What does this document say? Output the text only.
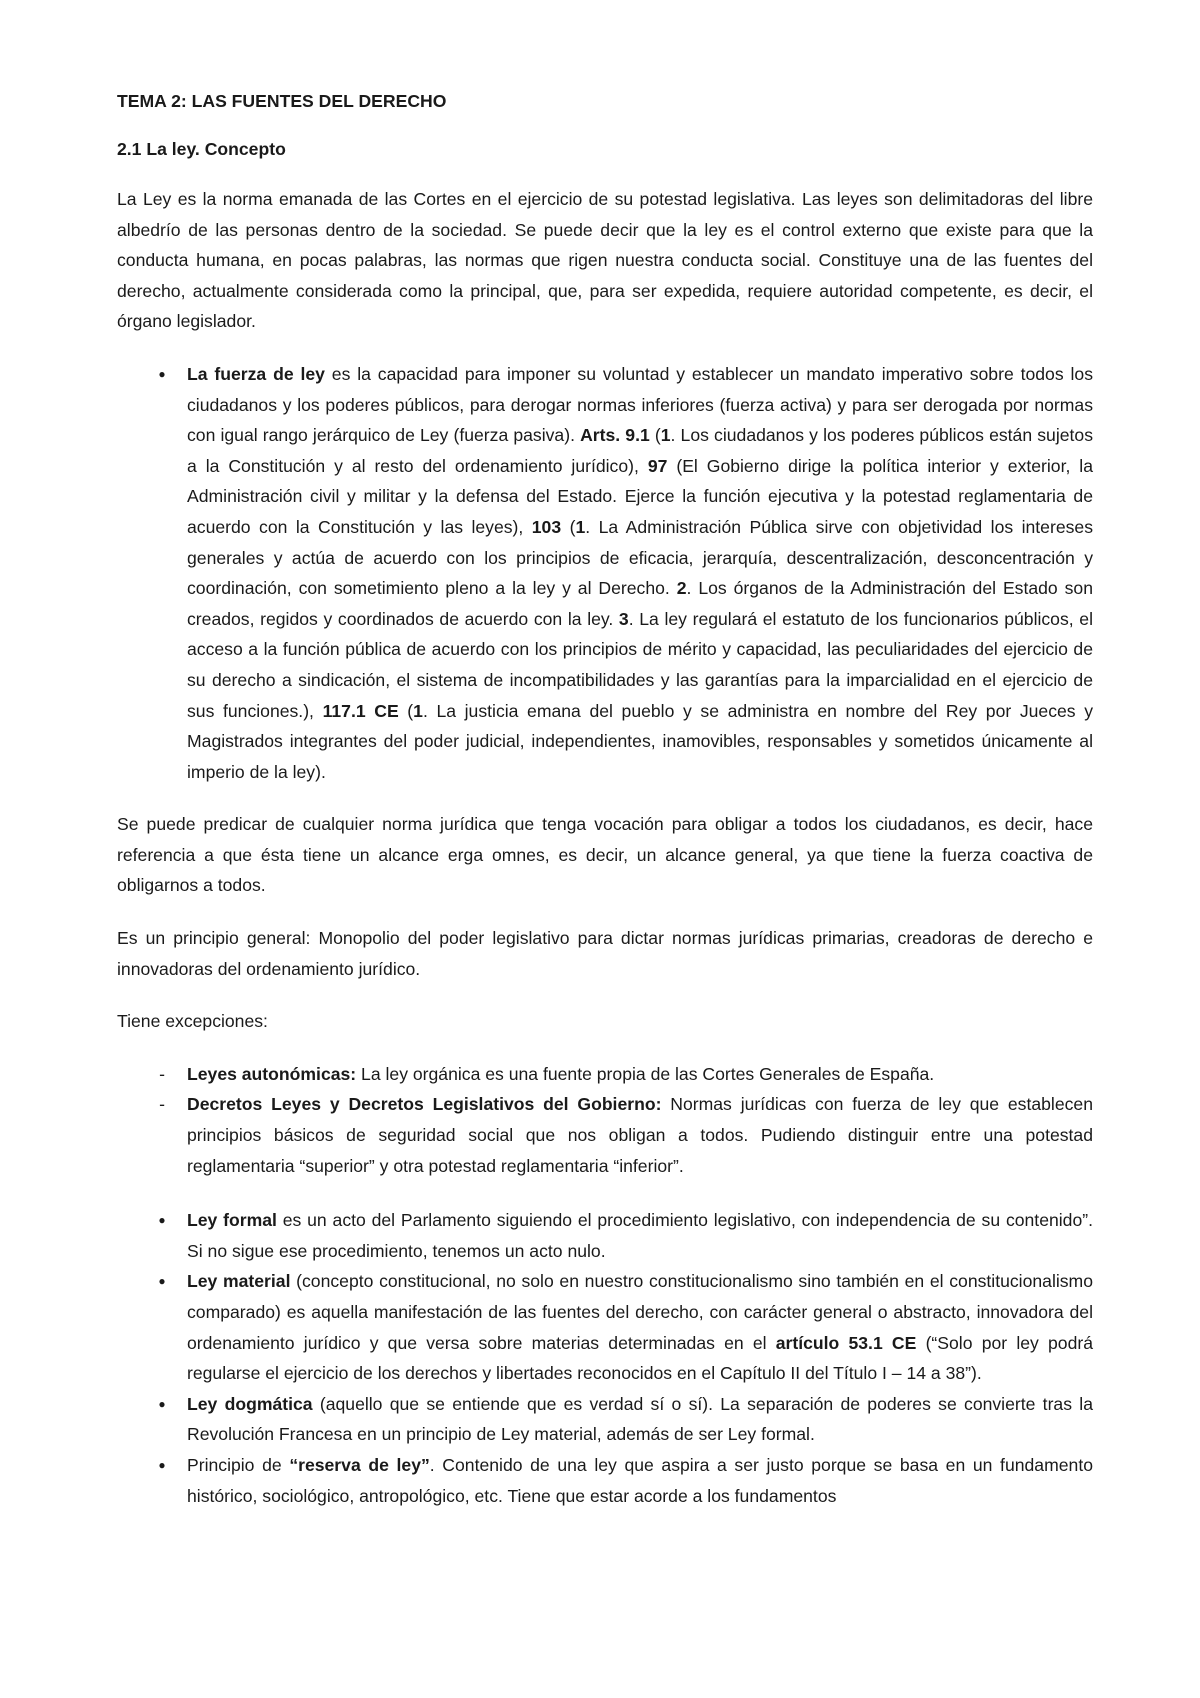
TEMA 2: LAS FUENTES DEL DERECHO

2.1 La ley. Concepto

La Ley es la norma emanada de las Cortes en el ejercicio de su potestad legislativa. Las leyes son delimitadoras del libre albedrío de las personas dentro de la sociedad. Se puede decir que la ley es el control externo que existe para que la conducta humana, en pocas palabras, las normas que rigen nuestra conducta social. Constituye una de las fuentes del derecho, actualmente considerada como la principal, que, para ser expedida, requiere autoridad competente, es decir, el órgano legislador.

●	La fuerza de ley es la capacidad para imponer su voluntad y establecer un mandato imperativo sobre todos los ciudadanos y los poderes públicos, para derogar normas inferiores (fuerza activa) y para ser derogada por normas con igual rango jerárquico de Ley (fuerza pasiva). Arts. 9.1 (1. Los ciudadanos y los poderes públicos están sujetos a la Constitución y al resto del ordenamiento jurídico), 97 (El Gobierno dirige la política interior y exterior, la Administración civil y militar y la defensa del Estado. Ejerce la función ejecutiva y la potestad reglamentaria de acuerdo con la Constitución y las leyes), 103 (1. La Administración Pública sirve con objetividad los intereses generales y actúa de acuerdo con los principios de eficacia, jerarquía, descentralización, desconcentración y coordinación, con sometimiento pleno a la ley y al Derecho. 2. Los órganos de la Administración del Estado son creados, regidos y coordinados de acuerdo con la ley. 3. La ley regulará el estatuto de los funcionarios públicos, el acceso a la función pública de acuerdo con los principios de mérito y capacidad, las peculiaridades del ejercicio de su derecho a sindicación, el sistema de incompatibilidades y las garantías para la imparcialidad en el ejercicio de sus funciones.), 117.1 CE (1. La justicia emana del pueblo y se administra en nombre del Rey por Jueces y Magistrados integrantes del poder judicial, independientes, inamovibles, responsables y sometidos únicamente al imperio de la ley).

Se puede predicar de cualquier norma jurídica que tenga vocación para obligar a todos los ciudadanos, es decir, hace referencia a que ésta tiene un alcance erga omnes, es decir, un alcance general, ya que tiene la fuerza coactiva de obligarnos a todos.

Es un principio general: Monopolio del poder legislativo para dictar normas jurídicas primarias, creadoras de derecho e innovadoras del ordenamiento jurídico.

Tiene excepciones:

-	Leyes autonómicas: La ley orgánica es una fuente propia de las Cortes Generales de España.
-	Decretos Leyes y Decretos Legislativos del Gobierno: Normas jurídicas con fuerza de ley que establecen principios básicos de seguridad social que nos obligan a todos. Pudiendo distinguir entre una potestad reglamentaria “superior” y otra potestad reglamentaria “inferior”.
●	Ley formal es un acto del Parlamento siguiendo el procedimiento legislativo, con independencia de su contenido”. Si no sigue ese procedimiento, tenemos un acto nulo.
●	Ley material (concepto constitucional, no solo en nuestro constitucionalismo sino también en el constitucionalismo comparado) es aquella manifestación de las fuentes del derecho, con carácter general o abstracto, innovadora del ordenamiento jurídico y que versa sobre materias determinadas en el artículo 53.1 CE (“Solo por ley podrá regularse el ejercicio de los derechos y libertades reconocidos en el Capítulo II del Título I – 14 a 38”).
●	Ley dogmática (aquello que se entiende que es verdad sí o sí). La separación de poderes se convierte tras la Revolución Francesa en un principio de Ley material, además de ser Ley formal.
●	Principio de “reserva de ley”. Contenido de una ley que aspira a ser justo porque se basa en un fundamento histórico, sociológico, antropológico, etc. Tiene que estar acorde a los fundamentos
